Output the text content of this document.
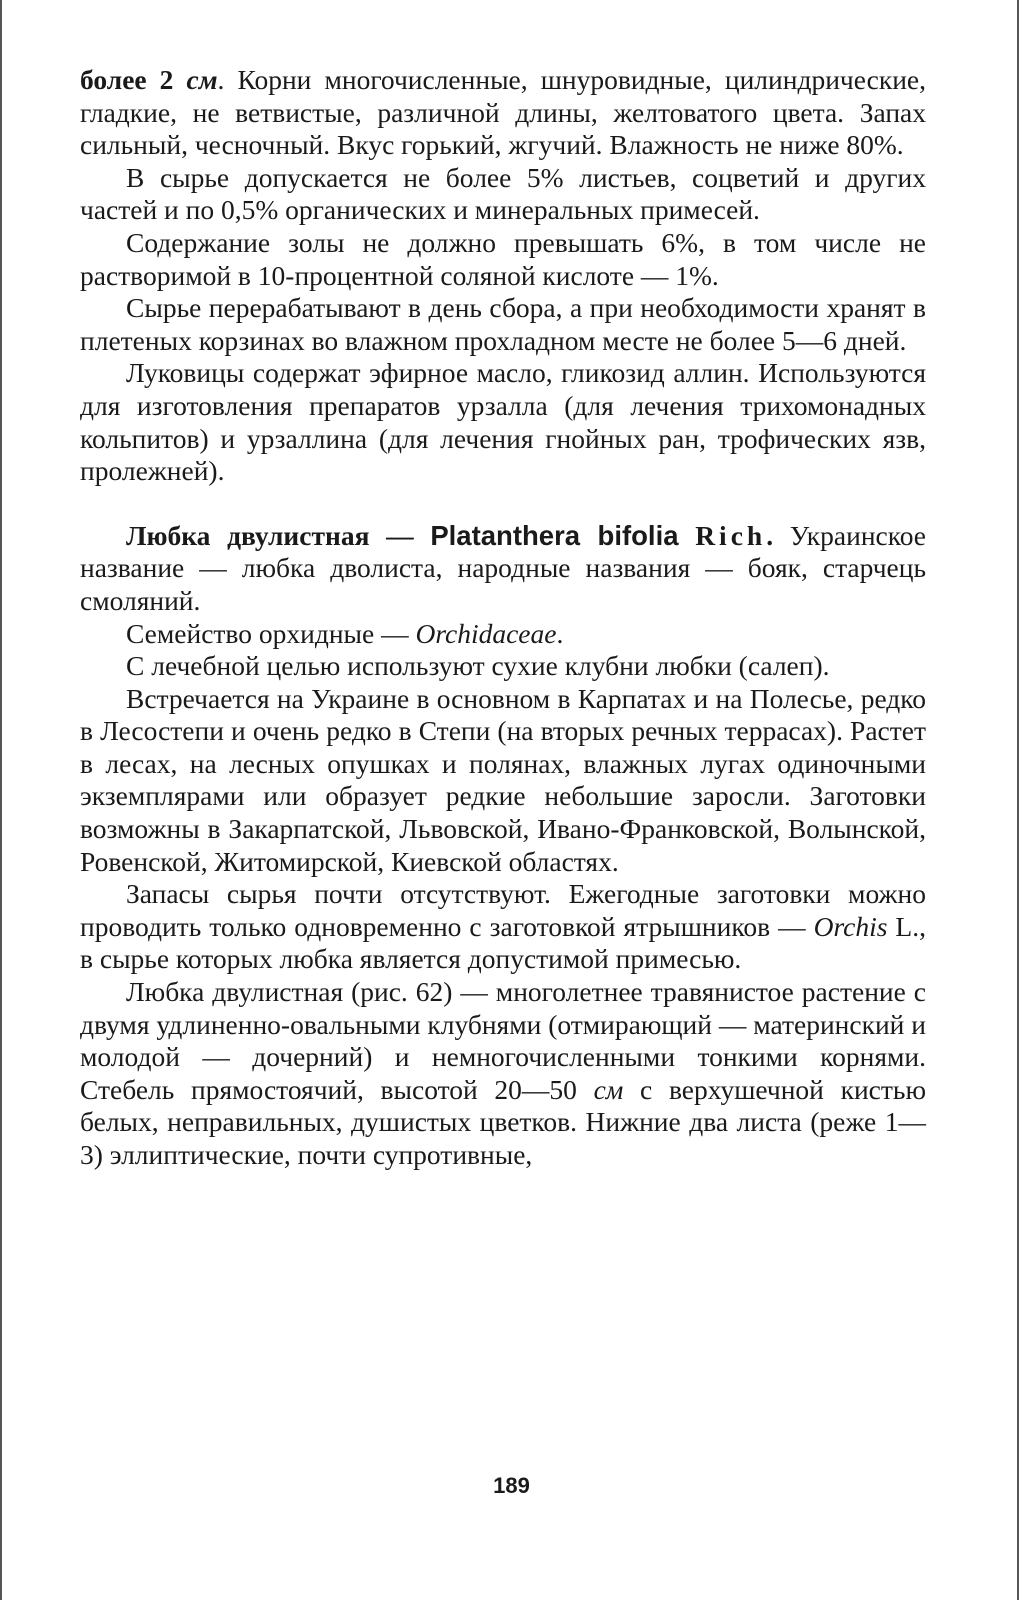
более 2 см. Корни многочисленные, шнуровидные, цилиндрические, гладкие, не ветвистые, различной длины, желтоватого цвета. Запах сильный, чесночный. Вкус горький, жгучий. Влажность не ниже 80%.

В сырье допускается не более 5% листьев, соцветий и других частей и по 0,5% органических и минеральных примесей.

Содержание золы не должно превышать 6%, в том числе не растворимой в 10-процентной соляной кислоте — 1%.

Сырье перерабатывают в день сбора, а при необходимости хранят в плетеных корзинах во влажном прохладном месте не более 5—6 дней.

Луковицы содержат эфирное масло, гликозид аллин. Используются для изготовления препаратов урзалла (для лечения трихомонадных кольпитов) и урзаллина (для лечения гнойных ран, трофических язв, пролежней).

Любка двулистная — Platanthera bifolia Rich. Украинское название — любка дволиста, народные названия — бояк, старчець смоляний.

Семейство орхидные — Orchidaceae.

С лечебной целью используют сухие клубни любки (салеп).

Встречается на Украине в основном в Карпатах и на Полесье, редко в Лесостепи и очень редко в Степи (на вторых речных террасах). Растет в лесах, на лесных опушках и полянах, влажных лугах одиночными экземплярами или образует редкие небольшие заросли. Заготовки возможны в Закарпатской, Львовской, Ивано-Франковской, Волынской, Ровенской, Житомирской, Киевской областях.

Запасы сырья почти отсутствуют. Ежегодные заготовки можно проводить только одновременно с заготовкой ятрышников — Orchis L., в сырье которых любка является допустимой примесью.

Любка двулистная (рис. 62) — многолетнее травянистое растение с двумя удлиненно-овальными клубнями (отмирающий — материнский и молодой — дочерний) и немногочисленными тонкими корнями. Стебель прямостоячий, высотой 20—50 см с верхушечной кистью белых, неправильных, душистых цветков. Нижние два листа (реже 1—3) эллиптические, почти супротивные,

189
